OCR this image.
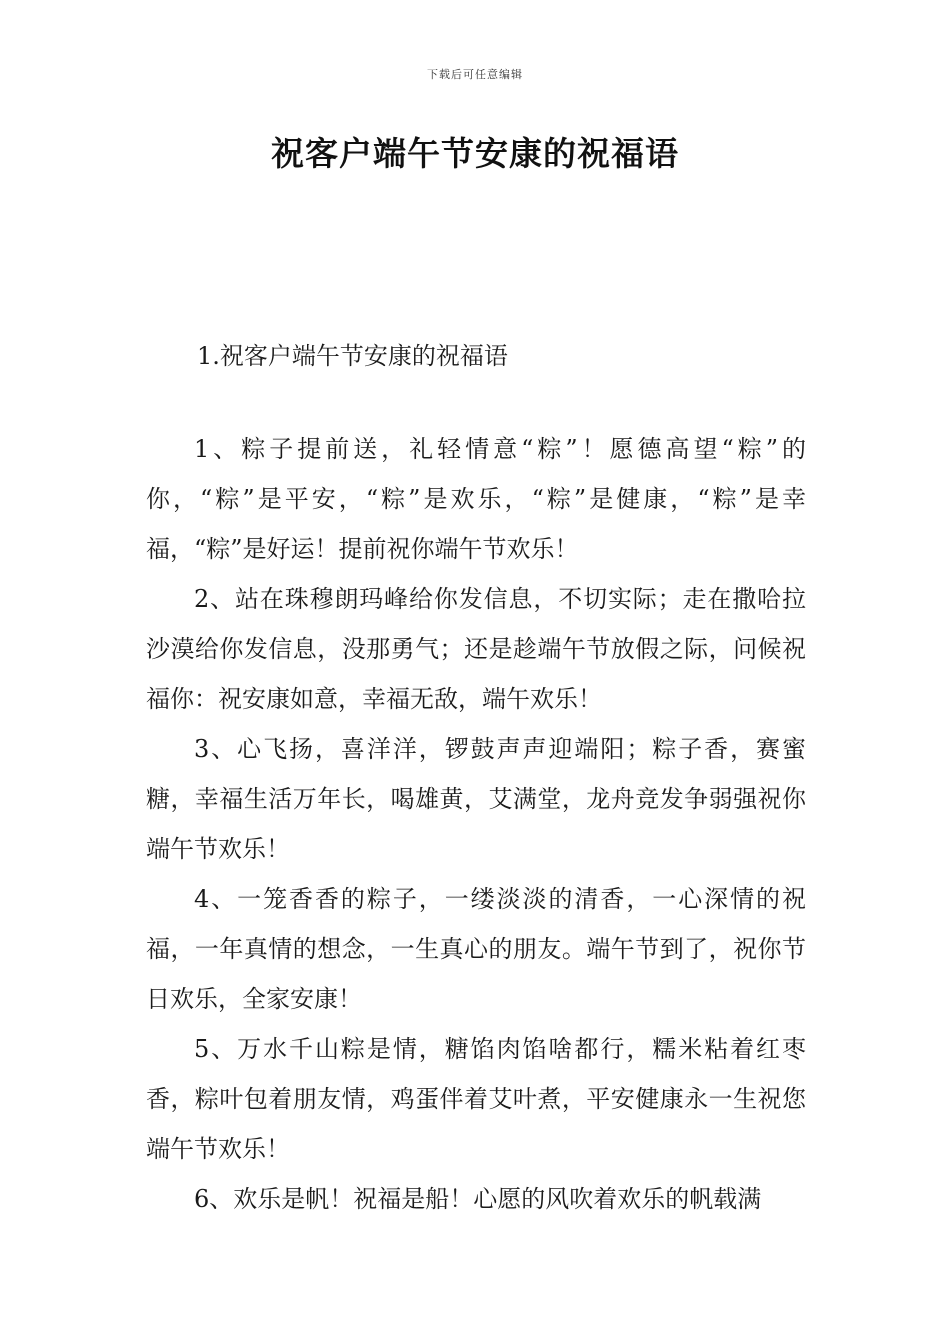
下载后可任意编辑
祝客户端午节安康的祝福语
1.祝客户端午节安康的祝福语

1、粽子提前送，礼轻情意“粽”！愿德高望“粽”的你，“粽”是平安，“粽”是欢乐，“粽”是健康，“粽”是幸福，“粽”是好运！提前祝你端午节欢乐！

2、站在珠穆朗玛峰给你发信息，不切实际；走在撒哈拉沙漠给你发信息，没那勇气；还是趁端午节放假之际，问候祝福你：祝安康如意，幸福无敌，端午欢乐！

3、心飞扬，喜洋洋，锣鼓声声迎端阳；粽子香，赛蜜糖，幸福生活万年长，喝雄黄，艾满堂，龙舟竞发争弱强祝你端午节欢乐！

4、一笼香香的粽子，一缕淡淡的清香，一心深情的祝福，一年真情的想念，一生真心的朋友。端午节到了，祝你节日欢乐，全家安康！

5、万水千山粽是情，糖馅肉馅啥都行，糯米粘着红枣香，粽叶包着朋友情，鸡蛋伴着艾叶煮，平安健康永一生祝您端午节欢乐！

6、欢乐是帆！祝福是船！心愿的风吹着欢乐的帆载满
